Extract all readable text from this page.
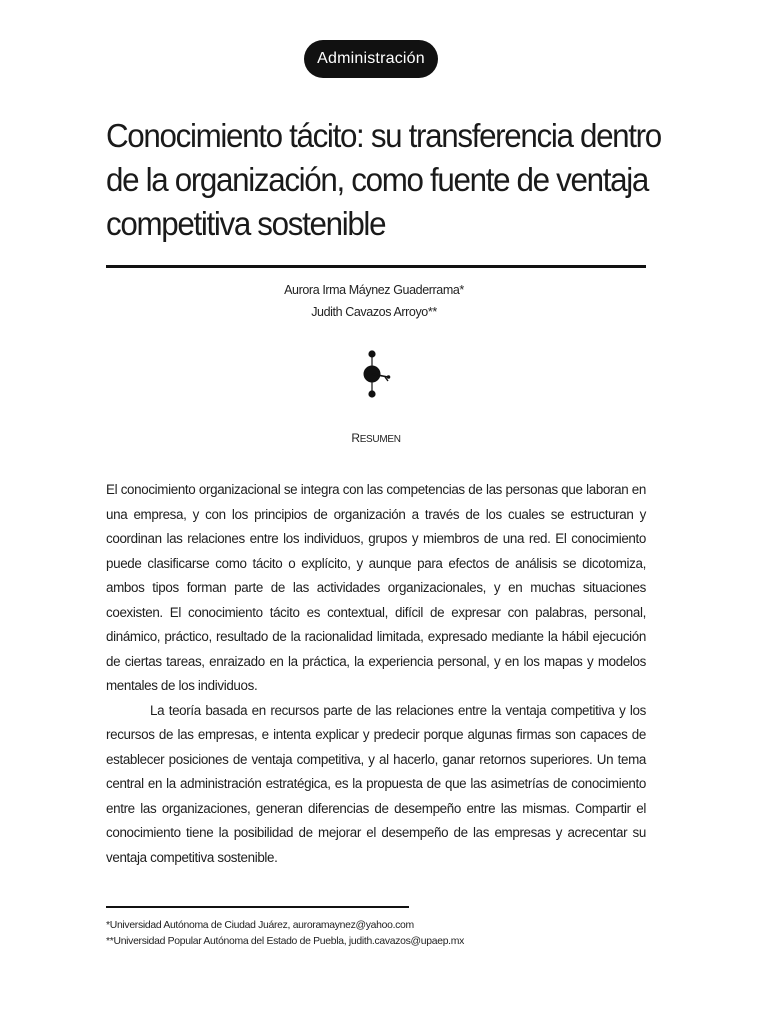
Administración
Conocimiento tácito: su transferencia dentro de la organización, como fuente de ventaja competitiva sostenible
Aurora Irma Máynez Guaderrama*
Judith Cavazos Arroyo**
RESUMEN

El conocimiento organizacional se integra con las competencias de las personas que laboran en una empresa, y con los principios de organización a través de los cuales se estructuran y coordinan las relaciones entre los individuos, grupos y miembros de una red. El conocimiento puede clasificarse como tácito o explícito, y aunque para efectos de análisis se dicotomiza, ambos tipos forman parte de las actividades organizacionales, y en muchas situaciones coexisten. El conocimiento tácito es contextual, difícil de expresar con palabras, personal, dinámico, práctico, resultado de la racionalidad limitada, expresado mediante la hábil ejecución de ciertas tareas, enraizado en la práctica, la experiencia personal, y en los mapas y modelos mentales de los individuos.

La teoría basada en recursos parte de las relaciones entre la ventaja competitiva y los recursos de las empresas, e intenta explicar y predecir porque algunas firmas son capaces de establecer posiciones de ventaja competitiva, y al hacerlo, ganar retornos superiores. Un tema central en la administración estratégica, es la propuesta de que las asimetrías de conocimiento entre las organizaciones, generan diferencias de desempeño entre las mismas. Compartir el conocimiento tiene la posibilidad de mejorar el desempeño de las empresas y acrecentar su ventaja competitiva sostenible.

*Universidad Autónoma de Ciudad Juárez, auroramaynez@yahoo.com
**Universidad Popular Autónoma del Estado de Puebla, judith.cavazos@upaep.mx
